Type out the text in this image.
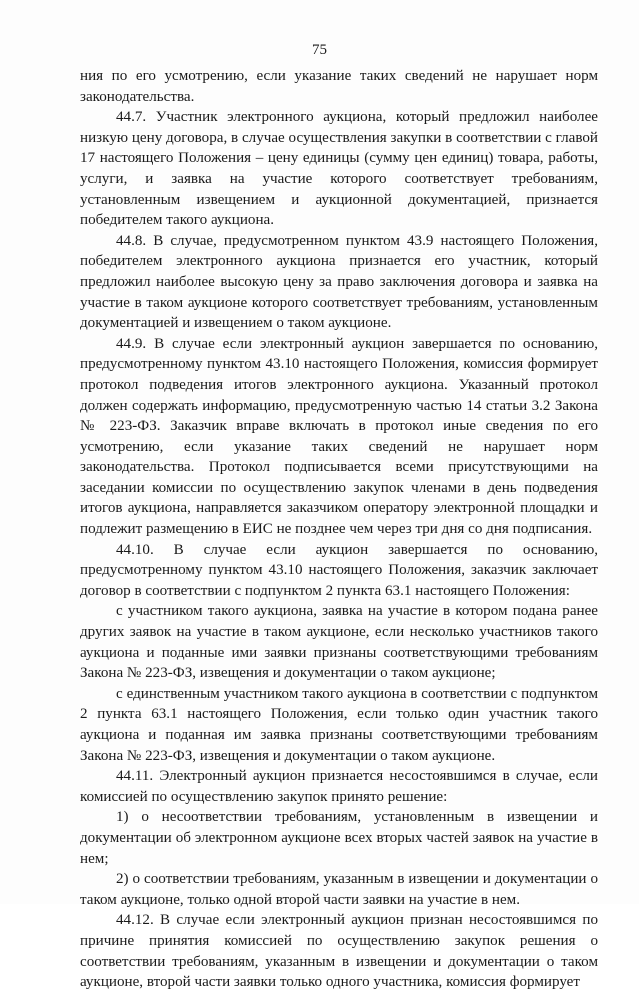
75

ния по его усмотрению, если указание таких сведений не нарушает норм законодательства.

44.7. Участник электронного аукциона, который предложил наиболее низкую цену договора, в случае осуществления закупки в соответствии с главой 17 настоящего Положения – цену единицы (сумму цен единиц) товара, работы, услуги, и заявка на участие которого соответствует требованиям, установленным извещением и аукционной документацией, признается победителем такого аукциона.

44.8. В случае, предусмотренном пунктом 43.9 настоящего Положения, победителем электронного аукциона признается его участник, который предложил наиболее высокую цену за право заключения договора и заявка на участие в таком аукционе которого соответствует требованиям, установленным документацией и извещением о таком аукционе.

44.9. В случае если электронный аукцион завершается по основанию, предусмотренному пунктом 43.10 настоящего Положения, комиссия формирует протокол подведения итогов электронного аукциона. Указанный протокол должен содержать информацию, предусмотренную частью 14 статьи 3.2 Закона № 223-ФЗ. Заказчик вправе включать в протокол иные сведения по его усмотрению, если указание таких сведений не нарушает норм законодательства. Протокол подписывается всеми присутствующими на заседании комиссии по осуществлению закупок членами в день подведения итогов аукциона, направляется заказчиком оператору электронной площадки и подлежит размещению в ЕИС не позднее чем через три дня со дня подписания.

44.10. В случае если аукцион завершается по основанию, предусмотренному пунктом 43.10 настоящего Положения, заказчик заключает договор в соответствии с подпунктом 2 пункта 63.1 настоящего Положения:

с участником такого аукциона, заявка на участие в котором подана ранее других заявок на участие в таком аукционе, если несколько участников такого аукциона и поданные ими заявки признаны соответствующими требованиям Закона № 223-ФЗ, извещения и документации о таком аукционе;

с единственным участником такого аукциона в соответствии с подпунктом 2 пункта 63.1 настоящего Положения, если только один участник такого аукциона и поданная им заявка признаны соответствующими требованиям Закона № 223-ФЗ, извещения и документации о таком аукционе.

44.11. Электронный аукцион признается несостоявшимся в случае, если комиссией по осуществлению закупок принято решение:

1) о несоответствии требованиям, установленным в извещении и документации об электронном аукционе всех вторых частей заявок на участие в нем;

2) о соответствии требованиям, указанным в извещении и документации о таком аукционе, только одной второй части заявки на участие в нем.

44.12. В случае если электронный аукцион признан несостоявшимся по причине принятия комиссией по осуществлению закупок решения о соответствии требованиям, указанным в извещении и документации о таком аукционе, второй части заявки только одного участника, комиссия формирует
